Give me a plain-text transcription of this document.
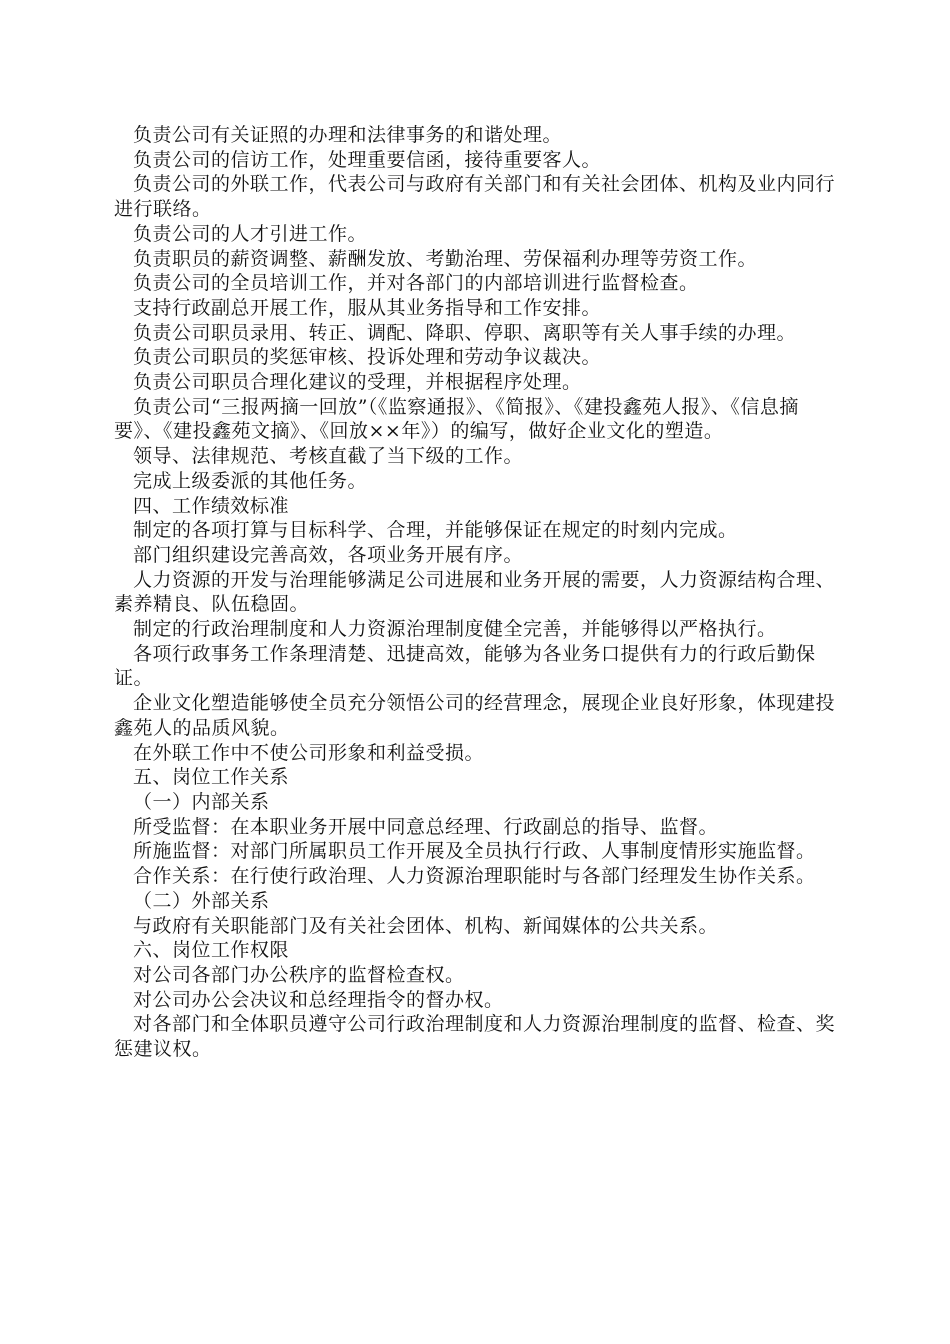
负责公司有关证照的办理和法律事务的和谐处理。

负责公司的信访工作，处理重要信函，接待重要客人。

负责公司的外联工作，代表公司与政府有关部门和有关社会团体、机构及业内同行进行联络。

负责公司的人才引进工作。

负责职员的薪资调整、薪酬发放、考勤治理、劳保福利办理等劳资工作。

负责公司的全员培训工作，并对各部门的内部培训进行监督检查。

支持行政副总开展工作，服从其业务指导和工作安排。

负责公司职员录用、转正、调配、降职、停职、离职等有关人事手续的办理。

负责公司职员的奖惩审核、投诉处理和劳动争议裁决。

负责公司职员合理化建议的受理，并根据程序处理。

负责公司“三报两摘一回放”（《监察通报》、《简报》、《建投鑫苑人报》、《信息摘要》、《建投鑫苑文摘》、《回放××年》）的编写，做好企业文化的塑造。

领导、法律规范、考核直截了当下级的工作。

完成上级委派的其他任务。

四、工作绩效标准

制定的各项打算与目标科学、合理，并能够保证在规定的时刻内完成。

部门组织建设完善高效，各项业务开展有序。

人力资源的开发与治理能够满足公司进展和业务开展的需要，人力资源结构合理、素养精良、队伍稳固。

制定的行政治理制度和人力资源治理制度健全完善，并能够得以严格执行。

各项行政事务工作条理清楚、迅捷高效，能够为各业务口提供有力的行政后勤保证。

企业文化塑造能够使全员充分领悟公司的经营理念，展现企业良好形象，体现建投鑫苑人的品质风貌。

在外联工作中不使公司形象和利益受损。

五、岗位工作关系

（一）内部关系

所受监督：在本职业务开展中同意总经理、行政副总的指导、监督。

所施监督：对部门所属职员工作开展及全员执行行政、人事制度情形实施监督。

合作关系：在行使行政治理、人力资源治理职能时与各部门经理发生协作关系。

（二）外部关系

与政府有关职能部门及有关社会团体、机构、新闻媒体的公共关系。

六、岗位工作权限

对公司各部门办公秩序的监督检查权。

对公司办公会决议和总经理指令的督办权。

对各部门和全体职员遵守公司行政治理制度和人力资源治理制度的监督、检查、奖惩建议权。
